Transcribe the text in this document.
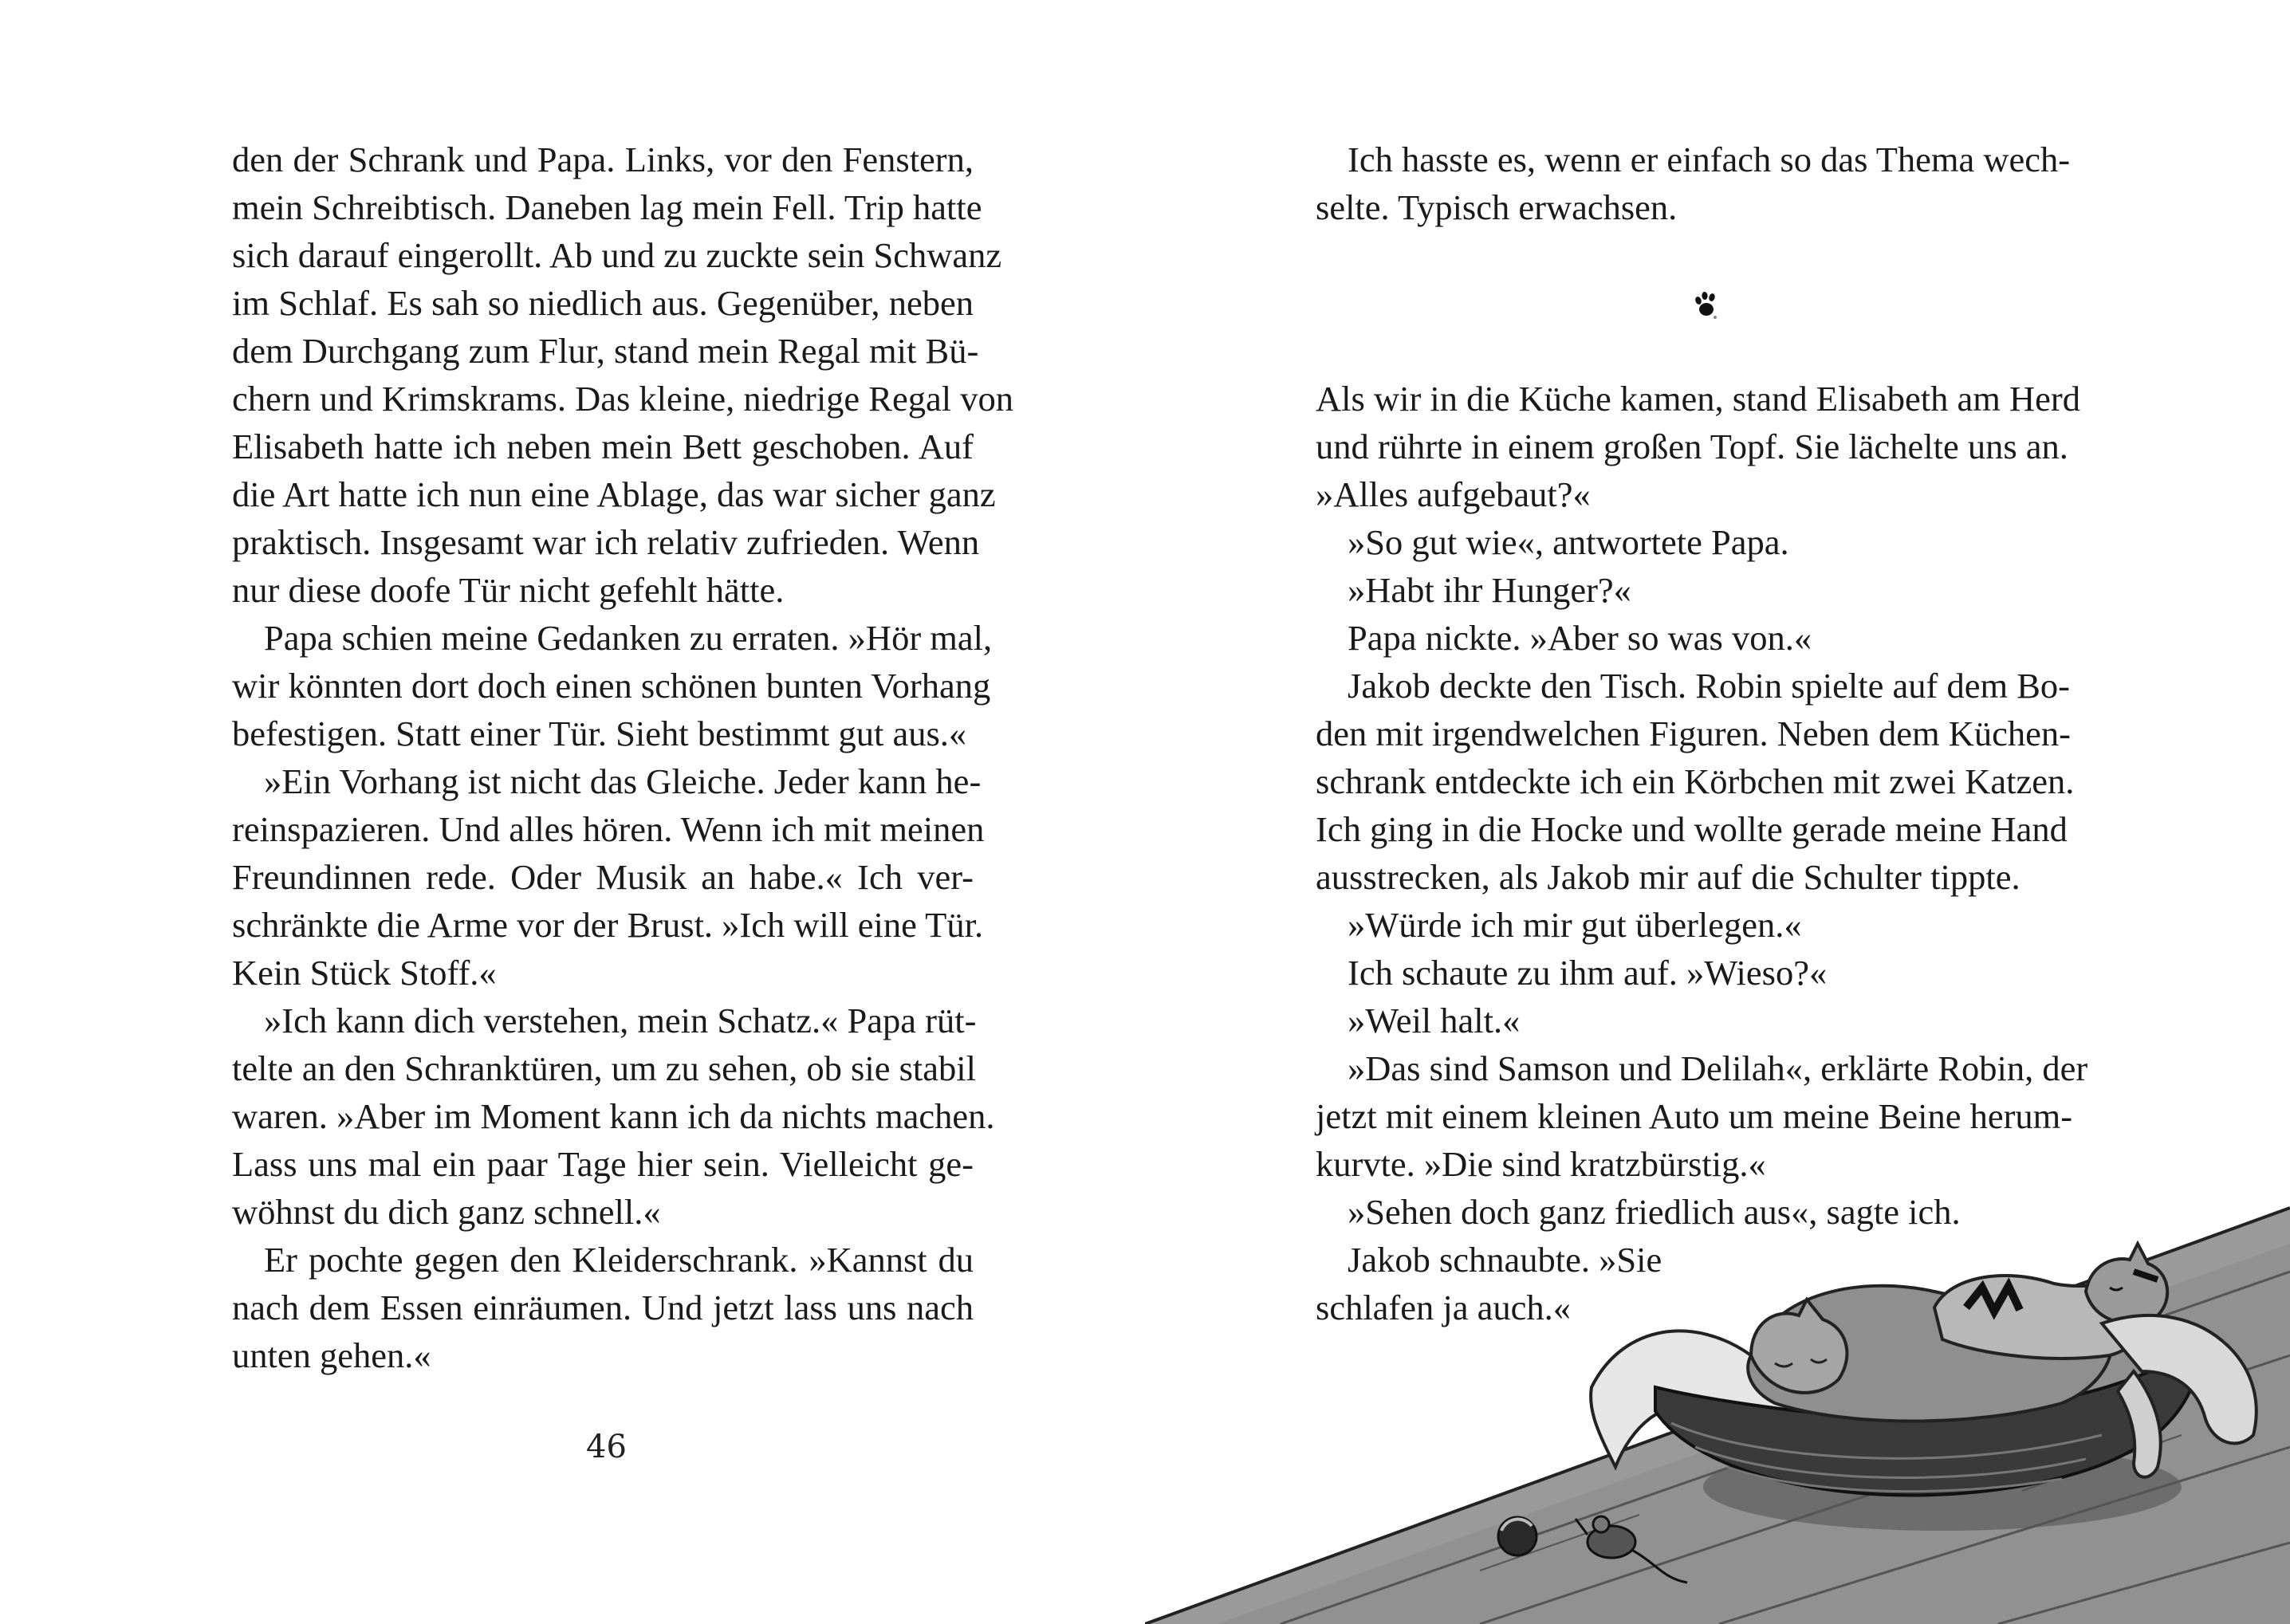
den der Schrank und Papa. Links, vor den Fenstern,
mein Schreibtisch. Daneben lag mein Fell. Trip hatte
sich darauf eingerollt. Ab und zu zuckte sein Schwanz
im Schlaf. Es sah so niedlich aus. Gegenüber, neben
dem Durchgang zum Flur, stand mein Regal mit Bü-
chern und Krimskrams. Das kleine, niedrige Regal von
Elisabeth hatte ich neben mein Bett geschoben. Auf
die Art hatte ich nun eine Ablage, das war sicher ganz
praktisch. Insgesamt war ich relativ zufrieden. Wenn
nur diese doofe Tür nicht gefehlt hätte.
Papa schien meine Gedanken zu erraten. »Hör mal,
wir könnten dort doch einen schönen bunten Vorhang
befestigen. Statt einer Tür. Sieht bestimmt gut aus.«
»Ein Vorhang ist nicht das Gleiche. Jeder kann he-
reinspazieren. Und alles hören. Wenn ich mit meinen
Freundinnen rede. Oder Musik an habe.« Ich ver-
schränkte die Arme vor der Brust. »Ich will eine Tür.
Kein Stück Stoff.«
»Ich kann dich verstehen, mein Schatz.« Papa rüt-
telte an den Schranktüren, um zu sehen, ob sie stabil
waren. »Aber im Moment kann ich da nichts machen.
Lass uns mal ein paar Tage hier sein. Vielleicht ge-
wöhnst du dich ganz schnell.«
Er pochte gegen den Kleiderschrank. »Kannst du
nach dem Essen einräumen. Und jetzt lass uns nach
unten gehen.«
46
Ich hasste es, wenn er einfach so das Thema wech-
selte. Typisch erwachsen.
Als wir in die Küche kamen, stand Elisabeth am Herd
und rührte in einem großen Topf. Sie lächelte uns an.
»Alles aufgebaut?«
»So gut wie«, antwortete Papa.
»Habt ihr Hunger?«
Papa nickte. »Aber so was von.«
Jakob deckte den Tisch. Robin spielte auf dem Bo-
den mit irgendwelchen Figuren. Neben dem Küchen-
schrank entdeckte ich ein Körbchen mit zwei Katzen.
Ich ging in die Hocke und wollte gerade meine Hand
ausstrecken, als Jakob mir auf die Schulter tippte.
»Würde ich mir gut überlegen.«
Ich schaute zu ihm auf. »Wieso?«
»Weil halt.«
»Das sind Samson und Delilah«, erklärte Robin, der
jetzt mit einem kleinen Auto um meine Beine herum-
kurvte. »Die sind kratzbürstig.«
»Sehen doch ganz friedlich aus«, sagte ich.
Jakob schnaubte. »Sie
schlafen ja auch.«
